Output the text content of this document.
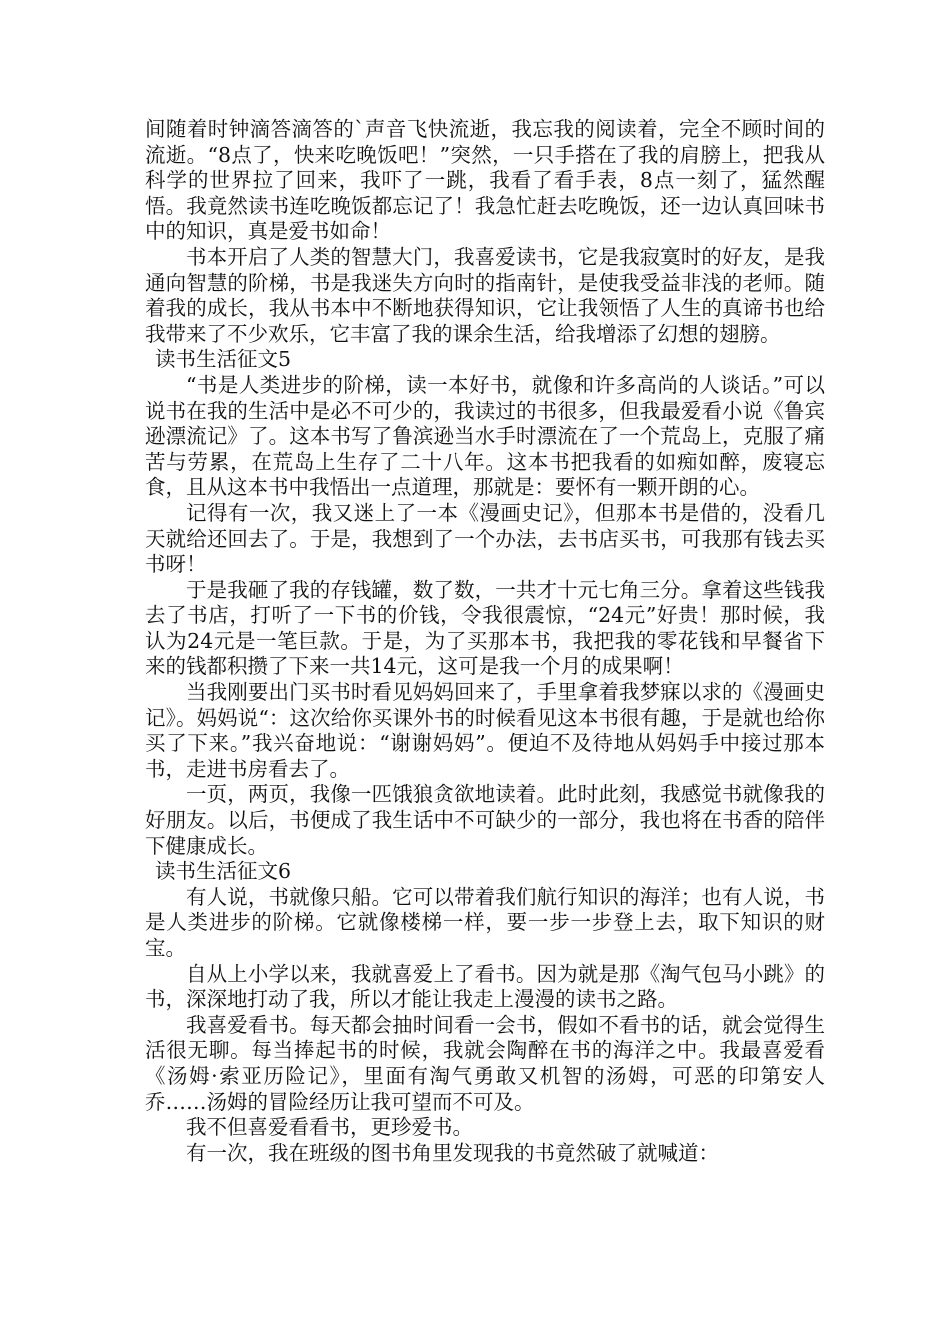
间随着时钟滴答滴答的`声音飞快流逝，我忘我的阅读着，完全不顾时间的流逝。“8点了，快来吃晚饭吧！”突然，一只手搭在了我的肩膀上，把我从科学的世界拉了回来，我吓了一跳，我看了看手表，8点一刻了，猛然醒悟。我竟然读书连吃晚饭都忘记了！我急忙赶去吃晚饭，还一边认真回味书中的知识，真是爱书如命！

书本开启了人类的智慧大门，我喜爱读书，它是我寂寞时的好友，是我通向智慧的阶梯，书是我迷失方向时的指南针，是使我受益非浅的老师。随着我的成长，我从书本中不断地获得知识，它让我领悟了人生的真谛书也给我带来了不少欢乐，它丰富了我的课余生活，给我增添了幻想的翅膀。

读书生活征文5

“书是人类进步的阶梯，读一本好书，就像和许多高尚的人谈话。”可以说书在我的生活中是必不可少的，我读过的书很多，但我最爱看小说《鲁宾逊漂流记》了。这本书写了鲁滨逊当水手时漂流在了一个荒岛上，克服了痛苦与劳累，在荒岛上生存了二十八年。这本书把我看的如痴如醉，废寝忘食，且从这本书中我悟出一点道理，那就是：要怀有一颗开朗的心。

记得有一次，我又迷上了一本《漫画史记》，但那本书是借的，没看几天就给还回去了。于是，我想到了一个办法，去书店买书，可我那有钱去买书呀！

于是我砸了我的存钱罐，数了数，一共才十元七角三分。拿着这些钱我去了书店，打听了一下书的价钱，令我很震惊，“24元”好贵！那时候，我认为24元是一笔巨款。于是，为了买那本书，我把我的零花钱和早餐省下来的钱都积攒了下来一共14元，这可是我一个月的成果啊！

当我刚要出门买书时看见妈妈回来了，手里拿着我梦寐以求的《漫画史记》。妈妈说“：这次给你买课外书的时候看见这本书很有趣，于是就也给你买了下来。”我兴奋地说：“谢谢妈妈”。便迫不及待地从妈妈手中接过那本书，走进书房看去了。

一页，两页，我像一匹饿狼贪欲地读着。此时此刻，我感觉书就像我的好朋友。以后，书便成了我生话中不可缺少的一部分，我也将在书香的陪伴下健康成长。

读书生活征文6

有人说，书就像只船。它可以带着我们航行知识的海洋；也有人说，书是人类进步的阶梯。它就像楼梯一样，要一步一步登上去，取下知识的财宝。

自从上小学以来，我就喜爱上了看书。因为就是那《淘气包马小跳》的书，深深地打动了我，所以才能让我走上漫漫的读书之路。

我喜爱看书。每天都会抽时间看一会书，假如不看书的话，就会觉得生活很无聊。每当捧起书的时候，我就会陶醉在书的海洋之中。我最喜爱看《汤姆·索亚历险记》，里面有淘气勇敢又机智的汤姆，可恶的印第安人乔……汤姆的冒险经历让我可望而不可及。

我不但喜爱看看书，更珍爱书。

有一次，我在班级的图书角里发现我的书竟然破了就喊道：
